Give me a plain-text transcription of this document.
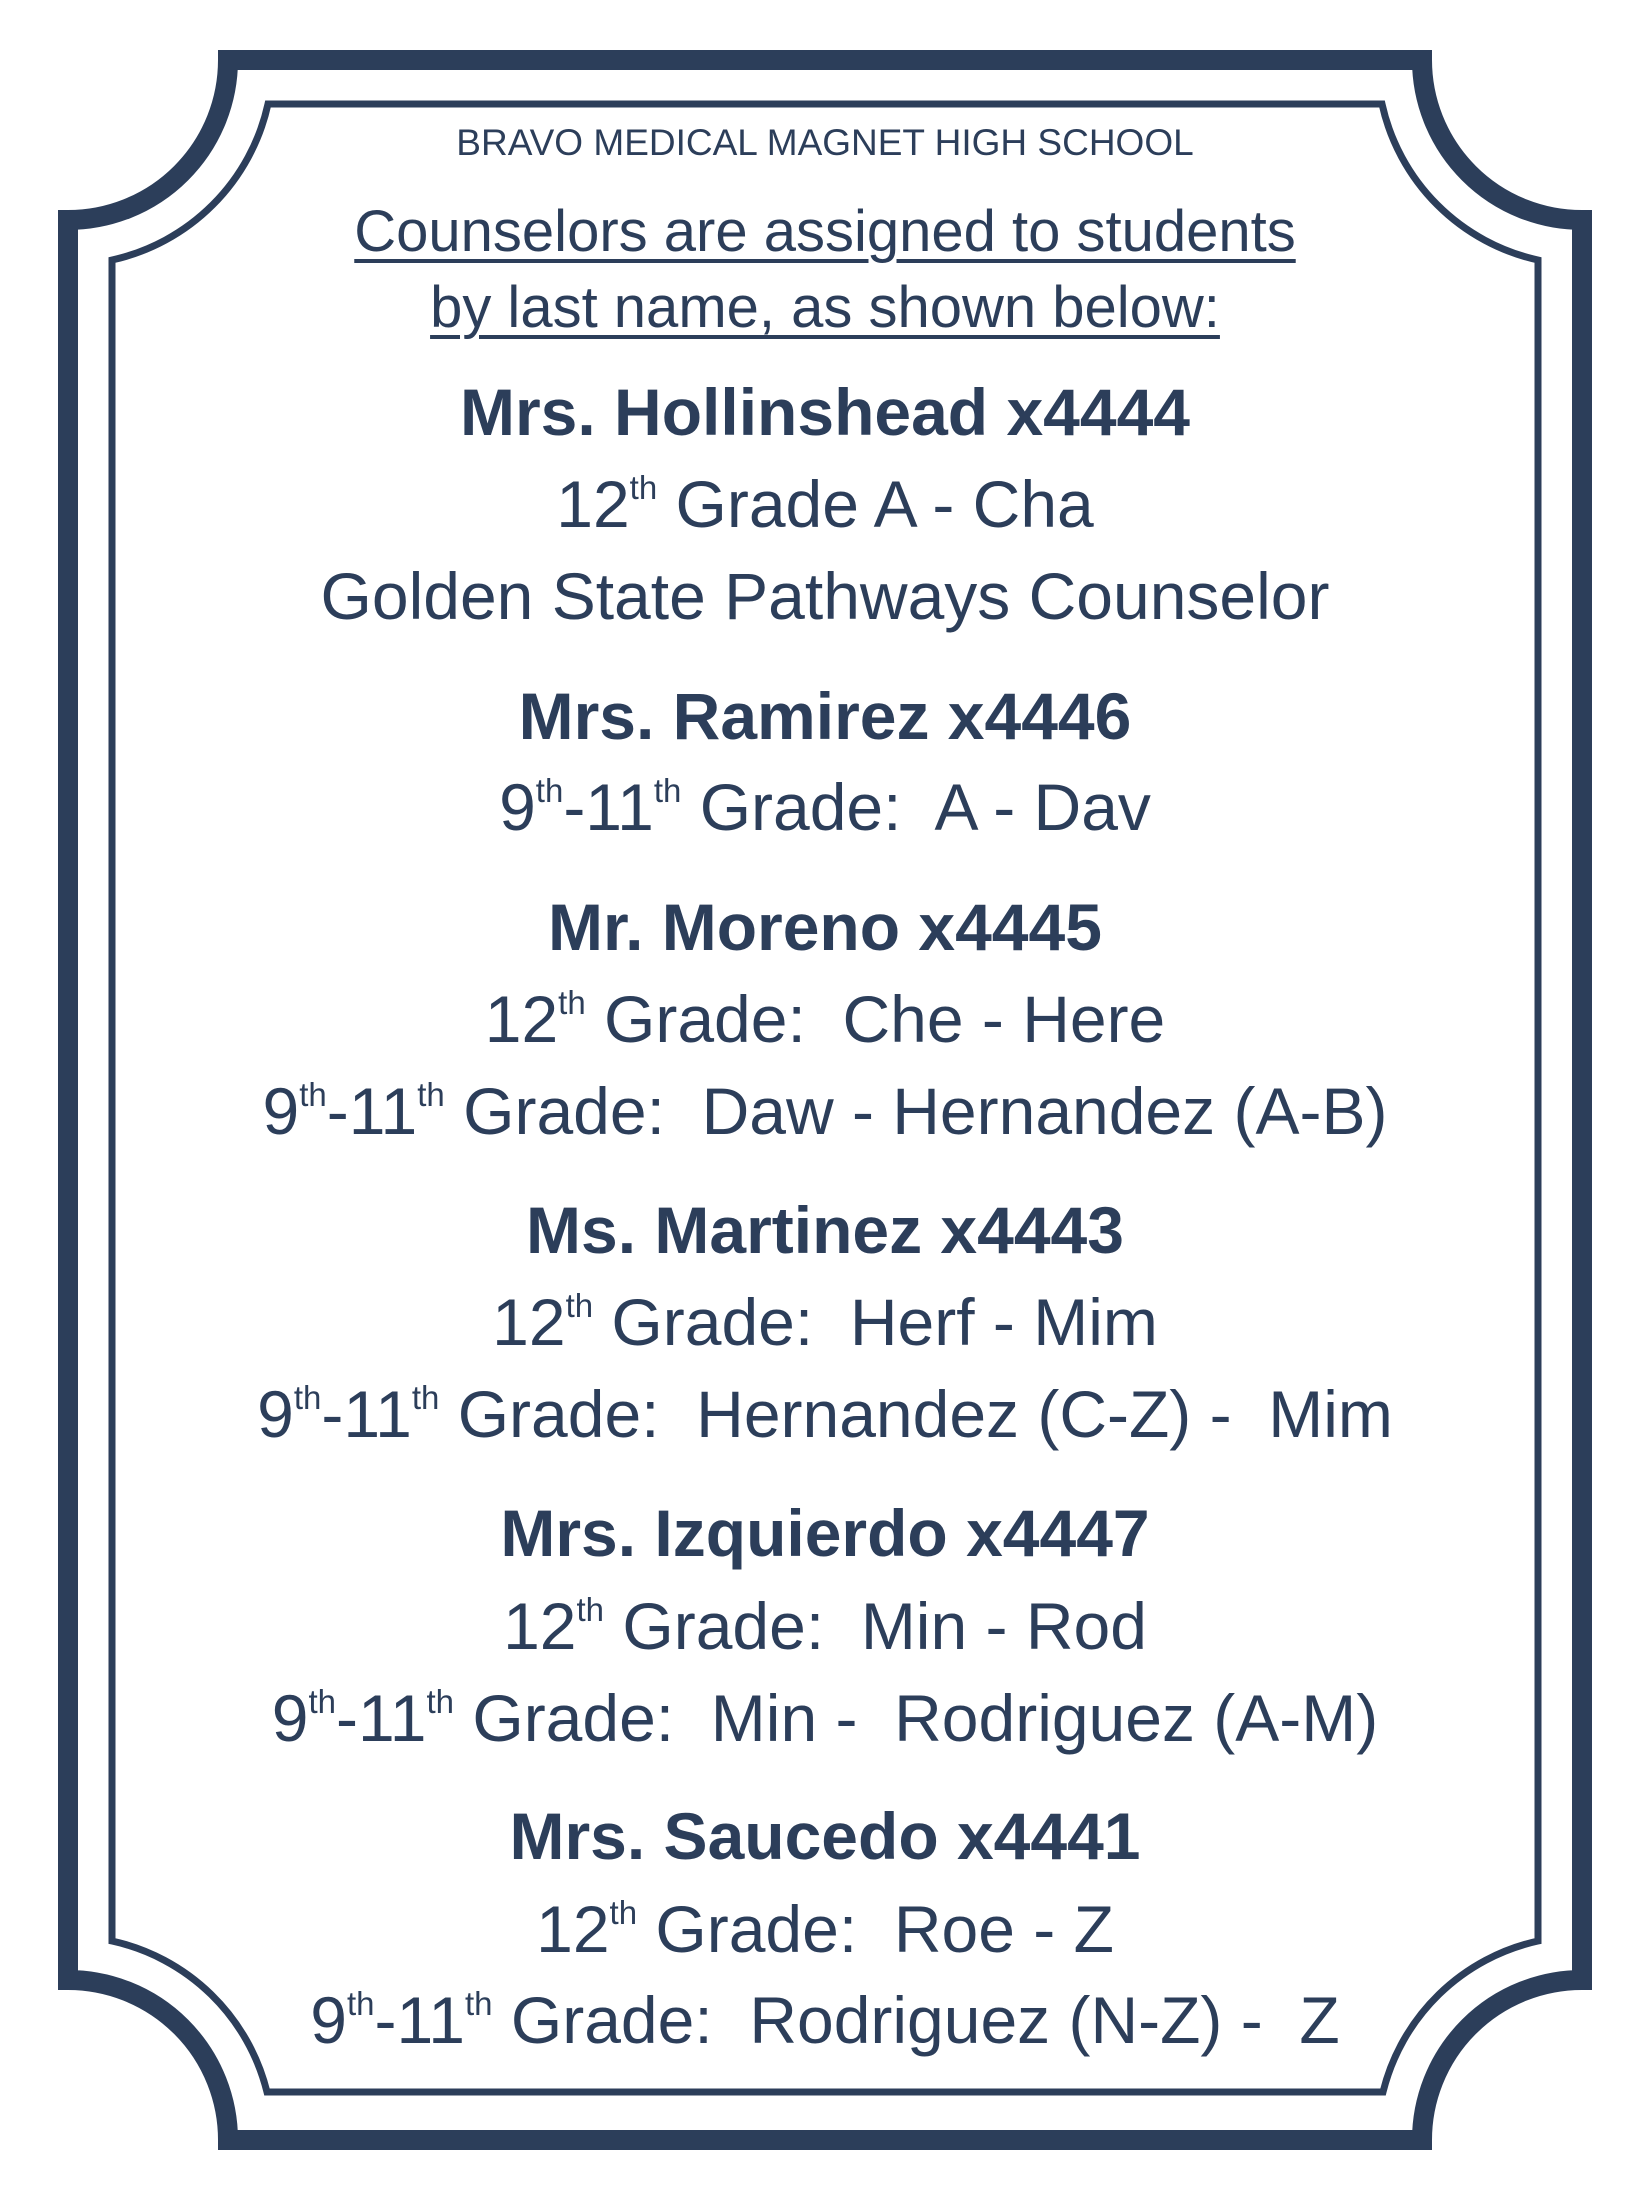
BRAVO MEDICAL MAGNET HIGH SCHOOL
Counselors are assigned to students
by last name, as shown below:
Mrs. Hollinshead x4444
12th Grade A - Cha
Golden State Pathways Counselor
Mrs. Ramirez x4446
9th-11th Grade:  A - Dav
Mr. Moreno x4445
12th Grade:  Che - Here
9th-11th Grade:  Daw - Hernandez (A-B)
Ms. Martinez x4443
12th Grade:  Herf - Mim
9th-11th Grade:  Hernandez (C-Z) -  Mim
Mrs. Izquierdo x4447
12th Grade:  Min - Rod
9th-11th Grade:  Min -  Rodriguez (A-M)
Mrs. Saucedo x4441
12th Grade:  Roe - Z
9th-11th Grade:  Rodriguez (N-Z) -  Z
